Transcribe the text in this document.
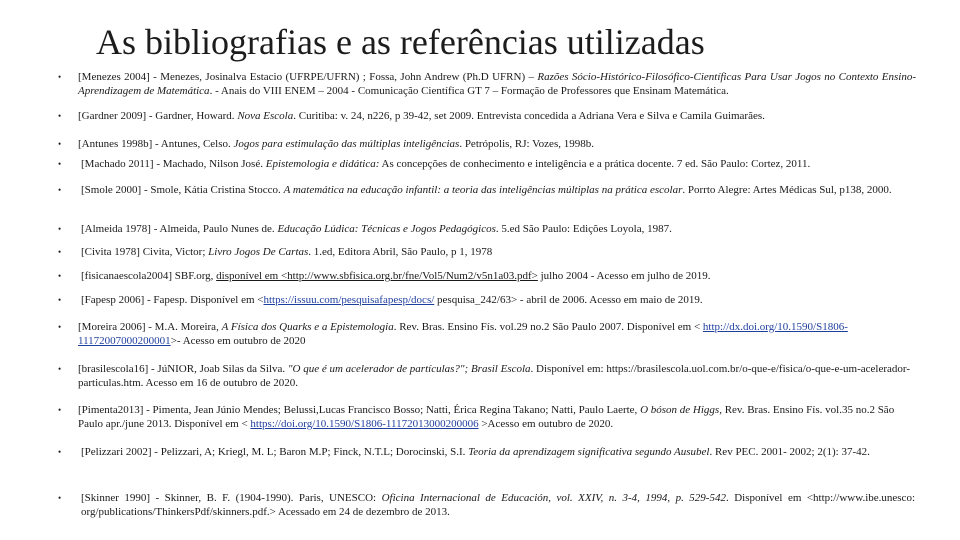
As bibliografias e as referências utilizadas
•	[Menezes 2004] - Menezes, Josinalva Estacio (UFRPE/UFRN) ; Fossa, John Andrew (Ph.D UFRN) – Razões Sócio-Histórico-Filosófico-Científicas Para Usar Jogos no Contexto Ensino-Aprendizagem de Matemática. - Anais do VIII ENEM – 2004 - Comunicação Científica GT 7 – Formação de Professores que Ensinam Matemática.
•	[Gardner 2009] - Gardner, Howard. Nova Escola. Curitiba: v. 24, n226, p 39-42, set 2009. Entrevista concedida a Adriana Vera e Silva e Camila Guimarães.
•	[Antunes 1998b] - Antunes, Celso. Jogos para estimulação das múltiplas inteligências. Petrópolis, RJ: Vozes, 1998b.
•	[Machado 2011] - Machado, Nilson José. Epistemologia e didática: As concepções de conhecimento e inteligência e a prática docente. 7 ed. São Paulo: Cortez, 2011.
•	[Smole 2000] - Smole, Kátia Cristina Stocco. A matemática na educação infantil: a teoria das inteligências múltiplas na prática escolar. Porrto Alegre: Artes Médicas Sul, p138, 2000.
•	[Almeida 1978] - Almeida, Paulo Nunes de. Educação Lúdica: Técnicas e Jogos Pedagógicos. 5.ed São Paulo: Edições Loyola, 1987.
•	[Civita 1978] Civita, Victor; Livro Jogos De Cartas. 1.ed, Editora Abril, São Paulo, p 1, 1978
•	[fisicanaescola2004] SBF.org, disponível em <http://www.sbfisica.org.br/fne/Vol5/Num2/v5n1a03.pdf> julho 2004 - Acesso em julho de 2019.
•	[Fapesp 2006] - Fapesp. Disponível em <https://issuu.com/pesquisafapesp/docs/ pesquisa_242/63> - abril de 2006. Acesso em maio de 2019.
•	[Moreira 2006] - M.A. Moreira, A Física dos Quarks e a Epistemologia. Rev. Bras. Ensino Fís. vol.29 no.2 São Paulo 2007. Disponível em < http://dx.doi.org/10.1590/S1806-11172007000200001>- Acesso em outubro de 2020
•	[brasilescola16] - JúNIOR, Joab Silas da Silva. "O que é um acelerador de partículas?"; Brasil Escola. Disponível em: https://brasilescola.uol.com.br/o-que-e/fisica/o-que-e-um-acelerador-particulas.htm. Acesso em 16 de outubro de 2020.
•	[Pimenta2013] - Pimenta, Jean Júnio Mendes; Belussi,Lucas Francisco Bosso; Natti, Érica Regina Takano; Natti, Paulo Laerte, O bóson de Higgs, Rev. Bras. Ensino Fís. vol.35 no.2 São Paulo apr./june 2013. Disponível em < https://doi.org/10.1590/S1806-11172013000200006 >Acesso em outubro de 2020.
•	[Pelizzari 2002] - Pelizzari, A; Kriegl, M. L; Baron M.P; Finck, N.T.L; Dorocinski, S.I. Teoria da aprendizagem significativa segundo Ausubel. Rev PEC. 2001- 2002; 2(1): 37-42.
•	[Skinner 1990] - Skinner, B. F. (1904-1990). Paris, UNESCO: Oficina Internacional de Educación, vol. XXIV, n. 3-4, 1994, p. 529-542. Disponível em <http://www.ibe.unesco: org/publications/ThinkersPdf/skinners.pdf.> Acessado em 24 de dezembro de 2013.
